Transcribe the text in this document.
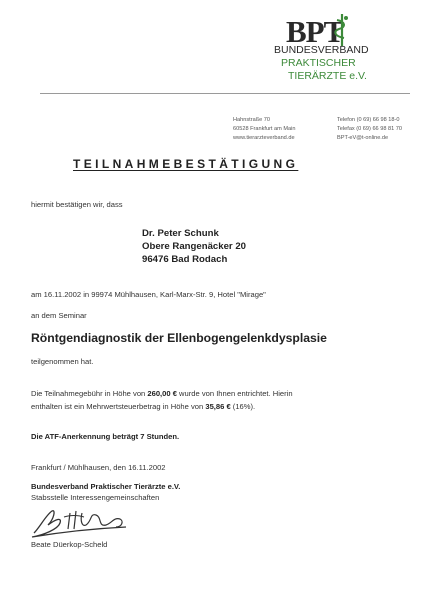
BPT
BUNDESVERBAND
PRAKTISCHER
TIERÄRZTE e.V.
Hahnstraße 70
60528 Frankfurt am Main
www.tierarzteverband.de
Telefon (0 69) 66 98 18-0
Telefax (0 69) 66 98 81 70
BPT-eV@t-online.de
TEILNAHMEBESTÄTIGUNG
hiermit bestätigen wir, dass
Dr. Peter Schunk
Obere Rangenäcker 20
96476 Bad Rodach
am 16.11.2002 in 99974 Mühlhausen, Karl-Marx-Str. 9, Hotel "Mirage"
an dem Seminar
Röntgendiagnostik der Ellenbogengelenkdysplasie
teilgenommen hat.
Die Teilnahmegebühr in Höhe von 260,00 € wurde von Ihnen entrichtet. Hierin
enthalten ist ein Mehrwertsteuerbetrag in Höhe von 35,86 € (16%).
Die ATF-Anerkennung beträgt 7 Stunden.
Frankfurt / Mühlhausen, den 16.11.2002
Bundesverband Praktischer Tierärzte e.V.
Stabsstelle Interessengemeinschaften
Beate Düerkop-Scheld
